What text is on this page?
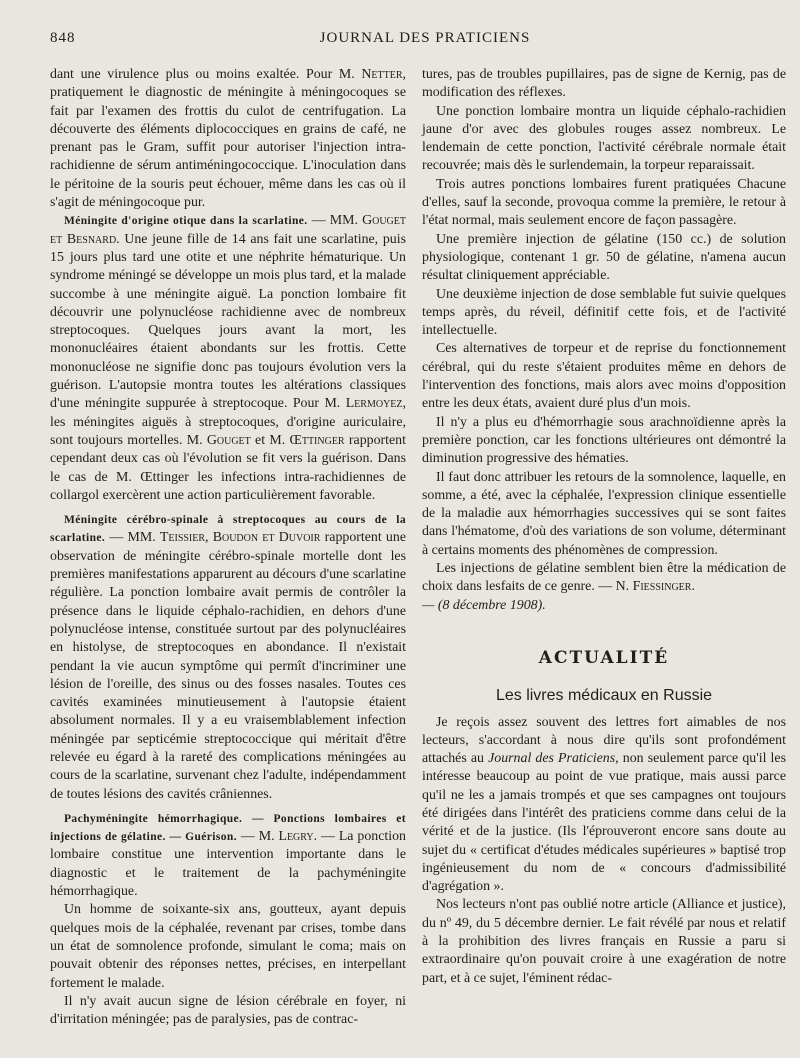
848	JOURNAL DES PRATICIENS

dant une virulence plus ou moins exaltée. Pour M. Netter, pratiquement le diagnostic de méningite à méningocoques se fait par l'examen des frottis du culot de centrifugation. La découverte des éléments diplococciques en grains de café, ne prenant pas le Gram, suffit pour autoriser l'injection intra-rachidienne de sérum antiméningococcique. L'inoculation dans le péritoine de la souris peut échouer, même dans les cas où il s'agit de méningocoque pur.

Méningite d'origine otique dans la scarlatine. — MM. Gouget et Besnard. Une jeune fille de 14 ans fait une scarlatine, puis 15 jours plus tard une otite et une néphrite hématurique. Un syndrome méningé se développe un mois plus tard, et la malade succombe à une méningite aiguë. La ponction lombaire fit découvrir une polynucléose rachidienne avec de nombreux streptocoques. Quelques jours avant la mort, les mononucléaires étaient abondants sur les frottis. Cette mononucléose ne signifie donc pas toujours évolution vers la guérison. L'autopsie montra toutes les altérations classiques d'une méningite suppurée à streptocoque. Pour M. Lermoyez, les méningites aiguës à streptocoques, d'origine auriculaire, sont toujours mortelles. M. Gouget et M. Œttinger rapportent cependant deux cas où l'évolution se fit vers la guérison. Dans le cas de M. Œttinger les infections intra-rachidiennes de collargol exercèrent une action particulièrement favorable.

Méningite cérébro-spinale à streptocoques au cours de la scarlatine. — MM. Teissier, Boudon et Duvoir rapportent une observation de méningite cérébro-spinale mortelle dont les premières manifestations apparurent au décours d'une scarlatine régulière. La ponction lombaire avait permis de contrôler la présence dans le liquide céphalo-rachidien, en dehors d'une polynucléose intense, constituée surtout par des polynucléaires en histolyse, de streptocoques en abondance. Il n'existait pendant la vie aucun symptôme qui permît d'incriminer une lésion de l'oreille, des sinus ou des fosses nasales. Toutes ces cavités examinées minutieusement à l'autopsie étaient absolument normales. Il y a eu vraisemblablement infection méningée par septicémie streptococcique qui méritait d'être relevée eu égard à la rareté des complications méningées au cours de la scarlatine, survenant chez l'adulte, indépendamment de toutes lésions des cavités crâniennes.

Pachyméningite hémorrhagique. — Ponctions lombaires et injections de gélatine. — Guérison. — M. Legry. — La ponction lombaire constitue une intervention importante dans le diagnostic et le traitement de la pachyméningite hémorrhagique.

Un homme de soixante-six ans, goutteux, ayant depuis quelques mois de la céphalée, revenant par crises, tombe dans un état de somnolence profonde, simulant le coma; mais on pouvait obtenir des réponses nettes, précises, en interpellant fortement le malade.

Il n'y avait aucun signe de lésion cérébrale en foyer, ni d'irritation méningée; pas de paralysies, pas de contrac-

tures, pas de troubles pupillaires, pas de signe de Kernig, pas de modification des réflexes.

Une ponction lombaire montra un liquide céphalo-rachidien jaune d'or avec des globules rouges assez nombreux. Le lendemain de cette ponction, l'activité cérébrale normale était recouvrée; mais dès le surlendemain, la torpeur reparaissait.

Trois autres ponctions lombaires furent pratiquées Chacune d'elles, sauf la seconde, provoqua comme la première, le retour à l'état normal, mais seulement encore de façon passagère.

Une première injection de gélatine (150 cc.) de solution physiologique, contenant 1 gr. 50 de gélatine, n'amena aucun résultat cliniquement appréciable.

Une deuxième injection de dose semblable fut suivie quelques temps après, du réveil, définitif cette fois, et de l'activité intellectuelle.

Ces alternatives de torpeur et de reprise du fonctionnement cérébral, qui du reste s'étaient produites même en dehors de l'intervention des fonctions, mais alors avec moins d'opposition entre les deux états, avaient duré plus d'un mois.

Il n'y a plus eu d'hémorrhagie sous arachnoïdienne après la première ponction, car les fonctions ultérieures ont démontré la diminution progressive des hématies.

Il faut donc attribuer les retours de la somnolence, laquelle, en somme, a été, avec la céphalée, l'expression clinique essentielle de la maladie aux hémorrhagies successives qui se sont faites dans l'hématome, d'où des variations de son volume, déterminant à certains moments des phénomènes de compression.

Les injections de gélatine semblent bien être la médication de choix dans lesfaits de ce genre. — N. Fiessinger.
— (8 décembre 1908).

ACTUALITÉ
Les livres médicaux en Russie

Je reçois assez souvent des lettres fort aimables de nos lecteurs, s'accordant à nous dire qu'ils sont profondément attachés au Journal des Praticiens, non seulement parce qu'il les intéresse beaucoup au point de vue pratique, mais aussi parce qu'il ne les a jamais trompés et que ses campagnes ont toujours été dirigées dans l'intérêt des praticiens comme dans celui de la vérité et de la justice. (Ils l'éprouveront encore sans doute au sujet du « certificat d'études médicales supérieures » baptisé trop ingénieusement du nom de « concours d'admissibilité d'agrégation ».

Nos lecteurs n'ont pas oublié notre article (Alliance et justice), du nº 49, du 5 décembre dernier. Le fait révélé par nous et relatif à la prohibition des livres français en Russie a paru si extraordinaire qu'on pouvait croire à une exagération de notre part, et à ce sujet, l'éminent rédac-
